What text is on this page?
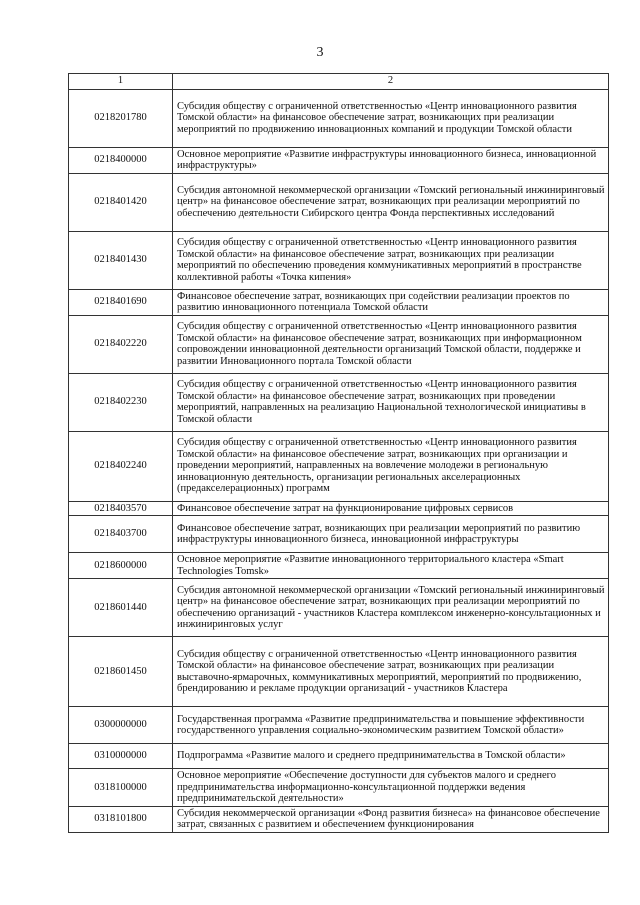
3
1	2
0218201780	Субсидия обществу с ограниченной ответственностью «Центр инновационного развития Томской области» на финансовое обеспечение затрат, возникающих при реализации мероприятий по продвижению инновационных компаний и продукции Томской области
0218400000	Основное мероприятие «Развитие инфраструктуры инновационного бизнеса, инновационной инфраструктуры»
0218401420	Субсидия автономной некоммерческой организации «Томский региональный инжиниринговый центр» на финансовое обеспечение затрат, возникающих при реализации мероприятий по обеспечению деятельности Сибирского центра Фонда перспективных исследований
0218401430	Субсидия обществу с ограниченной ответственностью «Центр инновационного развития Томской области» на финансовое обеспечение затрат, возникающих при реализации мероприятий по обеспечению проведения коммуникативных мероприятий в пространстве коллективной работы «Точка кипения»
0218401690	Финансовое обеспечение затрат, возникающих при содействии реализации проектов по развитию инновационного потенциала Томской области
0218402220	Субсидия обществу с ограниченной ответственностью «Центр инновационного развития Томской области» на финансовое обеспечение затрат, возникающих при информационном сопровождении инновационной деятельности организаций Томской области, поддержке и развитии Инновационного портала Томской области
0218402230	Субсидия обществу с ограниченной ответственностью «Центр инновационного развития Томской области» на финансовое обеспечение затрат, возникающих при проведении мероприятий, направленных на реализацию Национальной технологической инициативы в Томской области
0218402240	Субсидия обществу с ограниченной ответственностью «Центр инновационного развития Томской области» на финансовое обеспечение затрат, возникающих при организации и проведении мероприятий, направленных на вовлечение молодежи в региональную инновационную деятельность, организации региональных акселерационных (предакселерационных) программ
0218403570	Финансовое обеспечение затрат на функционирование цифровых сервисов
0218403700	Финансовое обеспечение затрат, возникающих при реализации мероприятий по развитию инфраструктуры инновационного бизнеса, инновационной инфраструктуры
0218600000	Основное мероприятие «Развитие инновационного территориального кластера «Smart Technologies Tomsk»
0218601440	Субсидия автономной некоммерческой организации «Томский региональный инжиниринговый центр» на финансовое обеспечение затрат, возникающих при реализации мероприятий по обеспечению организаций - участников Кластера комплексом инженерно-консультационных и инжиниринговых услуг
0218601450	Субсидия обществу с ограниченной ответственностью «Центр инновационного развития Томской области» на финансовое обеспечение затрат, возникающих при реализации выставочно-ярмарочных, коммуникативных мероприятий, мероприятий по продвижению, брендированию и рекламе продукции организаций - участников Кластера
0300000000	Государственная программа «Развитие предпринимательства и повышение эффективности государственного управления социально-экономическим развитием Томской области»
0310000000	Подпрограмма «Развитие малого и среднего предпринимательства в Томской области»
0318100000	Основное мероприятие «Обеспечение доступности для субъектов малого и среднего предпринимательства информационно-консультационной поддержки ведения предпринимательской деятельности»
0318101800	Субсидия некоммерческой организации «Фонд развития бизнеса» на финансовое обеспечение затрат, связанных с развитием и обеспечением функционирования
